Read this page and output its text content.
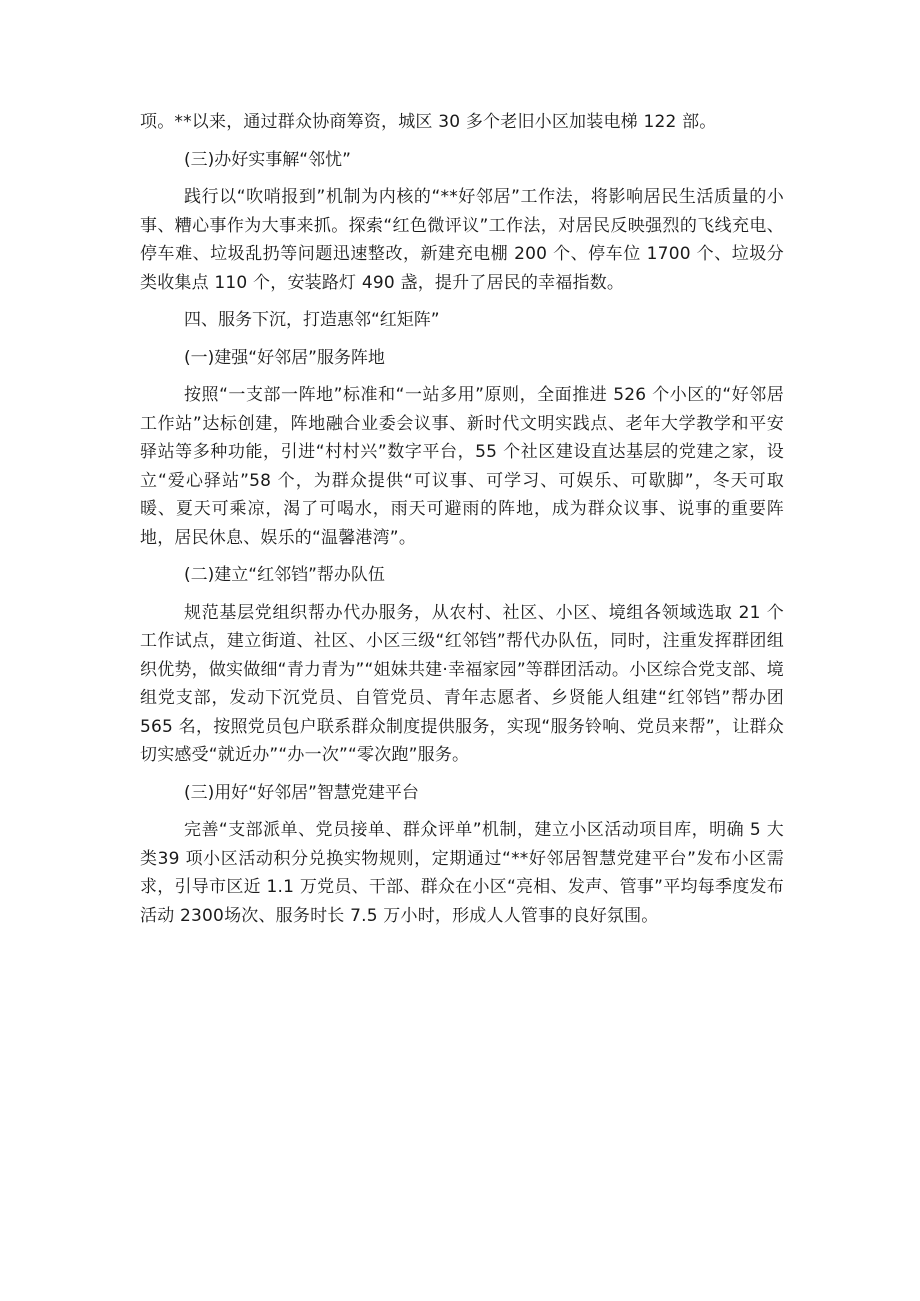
项。**以来，通过群众协商筹资，城区 30 多个老旧小区加装电梯 122 部。

(三)办好实事解“邻忧”

践行以“吹哨报到”机制为内核的“**好邻居”工作法，将影响居民生活质量的小事、糟心事作为大事来抓。探索“红色微评议”工作法，对居民反映强烈的飞线充电、停车难、垃圾乱扔等问题迅速整改，新建充电棚 200 个、停车位 1700 个、垃圾分类收集点 110 个，安装路灯 490 盏，提升了居民的幸福指数。

四、服务下沉，打造惠邻“红矩阵”

(一)建强“好邻居”服务阵地

按照“一支部一阵地”标准和“一站多用”原则，全面推进 526 个小区的“好邻居工作站”达标创建，阵地融合业委会议事、新时代文明实践点、老年大学教学和平安驿站等多种功能，引进“村村兴”数字平台，55 个社区建设直达基层的党建之家，设立“爱心驿站”58 个，为群众提供“可议事、可学习、可娱乐、可歇脚”，冬天可取暖、夏天可乘凉，渴了可喝水，雨天可避雨的阵地，成为群众议事、说事的重要阵地，居民休息、娱乐的“温馨港湾”。

(二)建立“红邻铛”帮办队伍

规范基层党组织帮办代办服务，从农村、社区、小区、境组各领域选取 21 个工作试点，建立街道、社区、小区三级“红邻铛”帮代办队伍，同时，注重发挥群团组织优势，做实做细“青力青为”“姐妹共建·幸福家园”等群团活动。小区综合党支部、境组党支部，发动下沉党员、自管党员、青年志愿者、乡贤能人组建“红邻铛”帮办团 565 名，按照党员包户联系群众制度提供服务，实现“服务铃响、党员来帮”，让群众切实感受“就近办”“办一次”“零次跑”服务。

(三)用好“好邻居”智慧党建平台

完善“支部派单、党员接单、群众评单”机制，建立小区活动项目库，明确 5 大类39 项小区活动积分兑换实物规则，定期通过“**好邻居智慧党建平台”发布小区需求，引导市区近 1.1 万党员、干部、群众在小区“亮相、发声、管事”平均每季度发布活动 2300场次、服务时长 7.5 万小时，形成人人管事的良好氛围。
